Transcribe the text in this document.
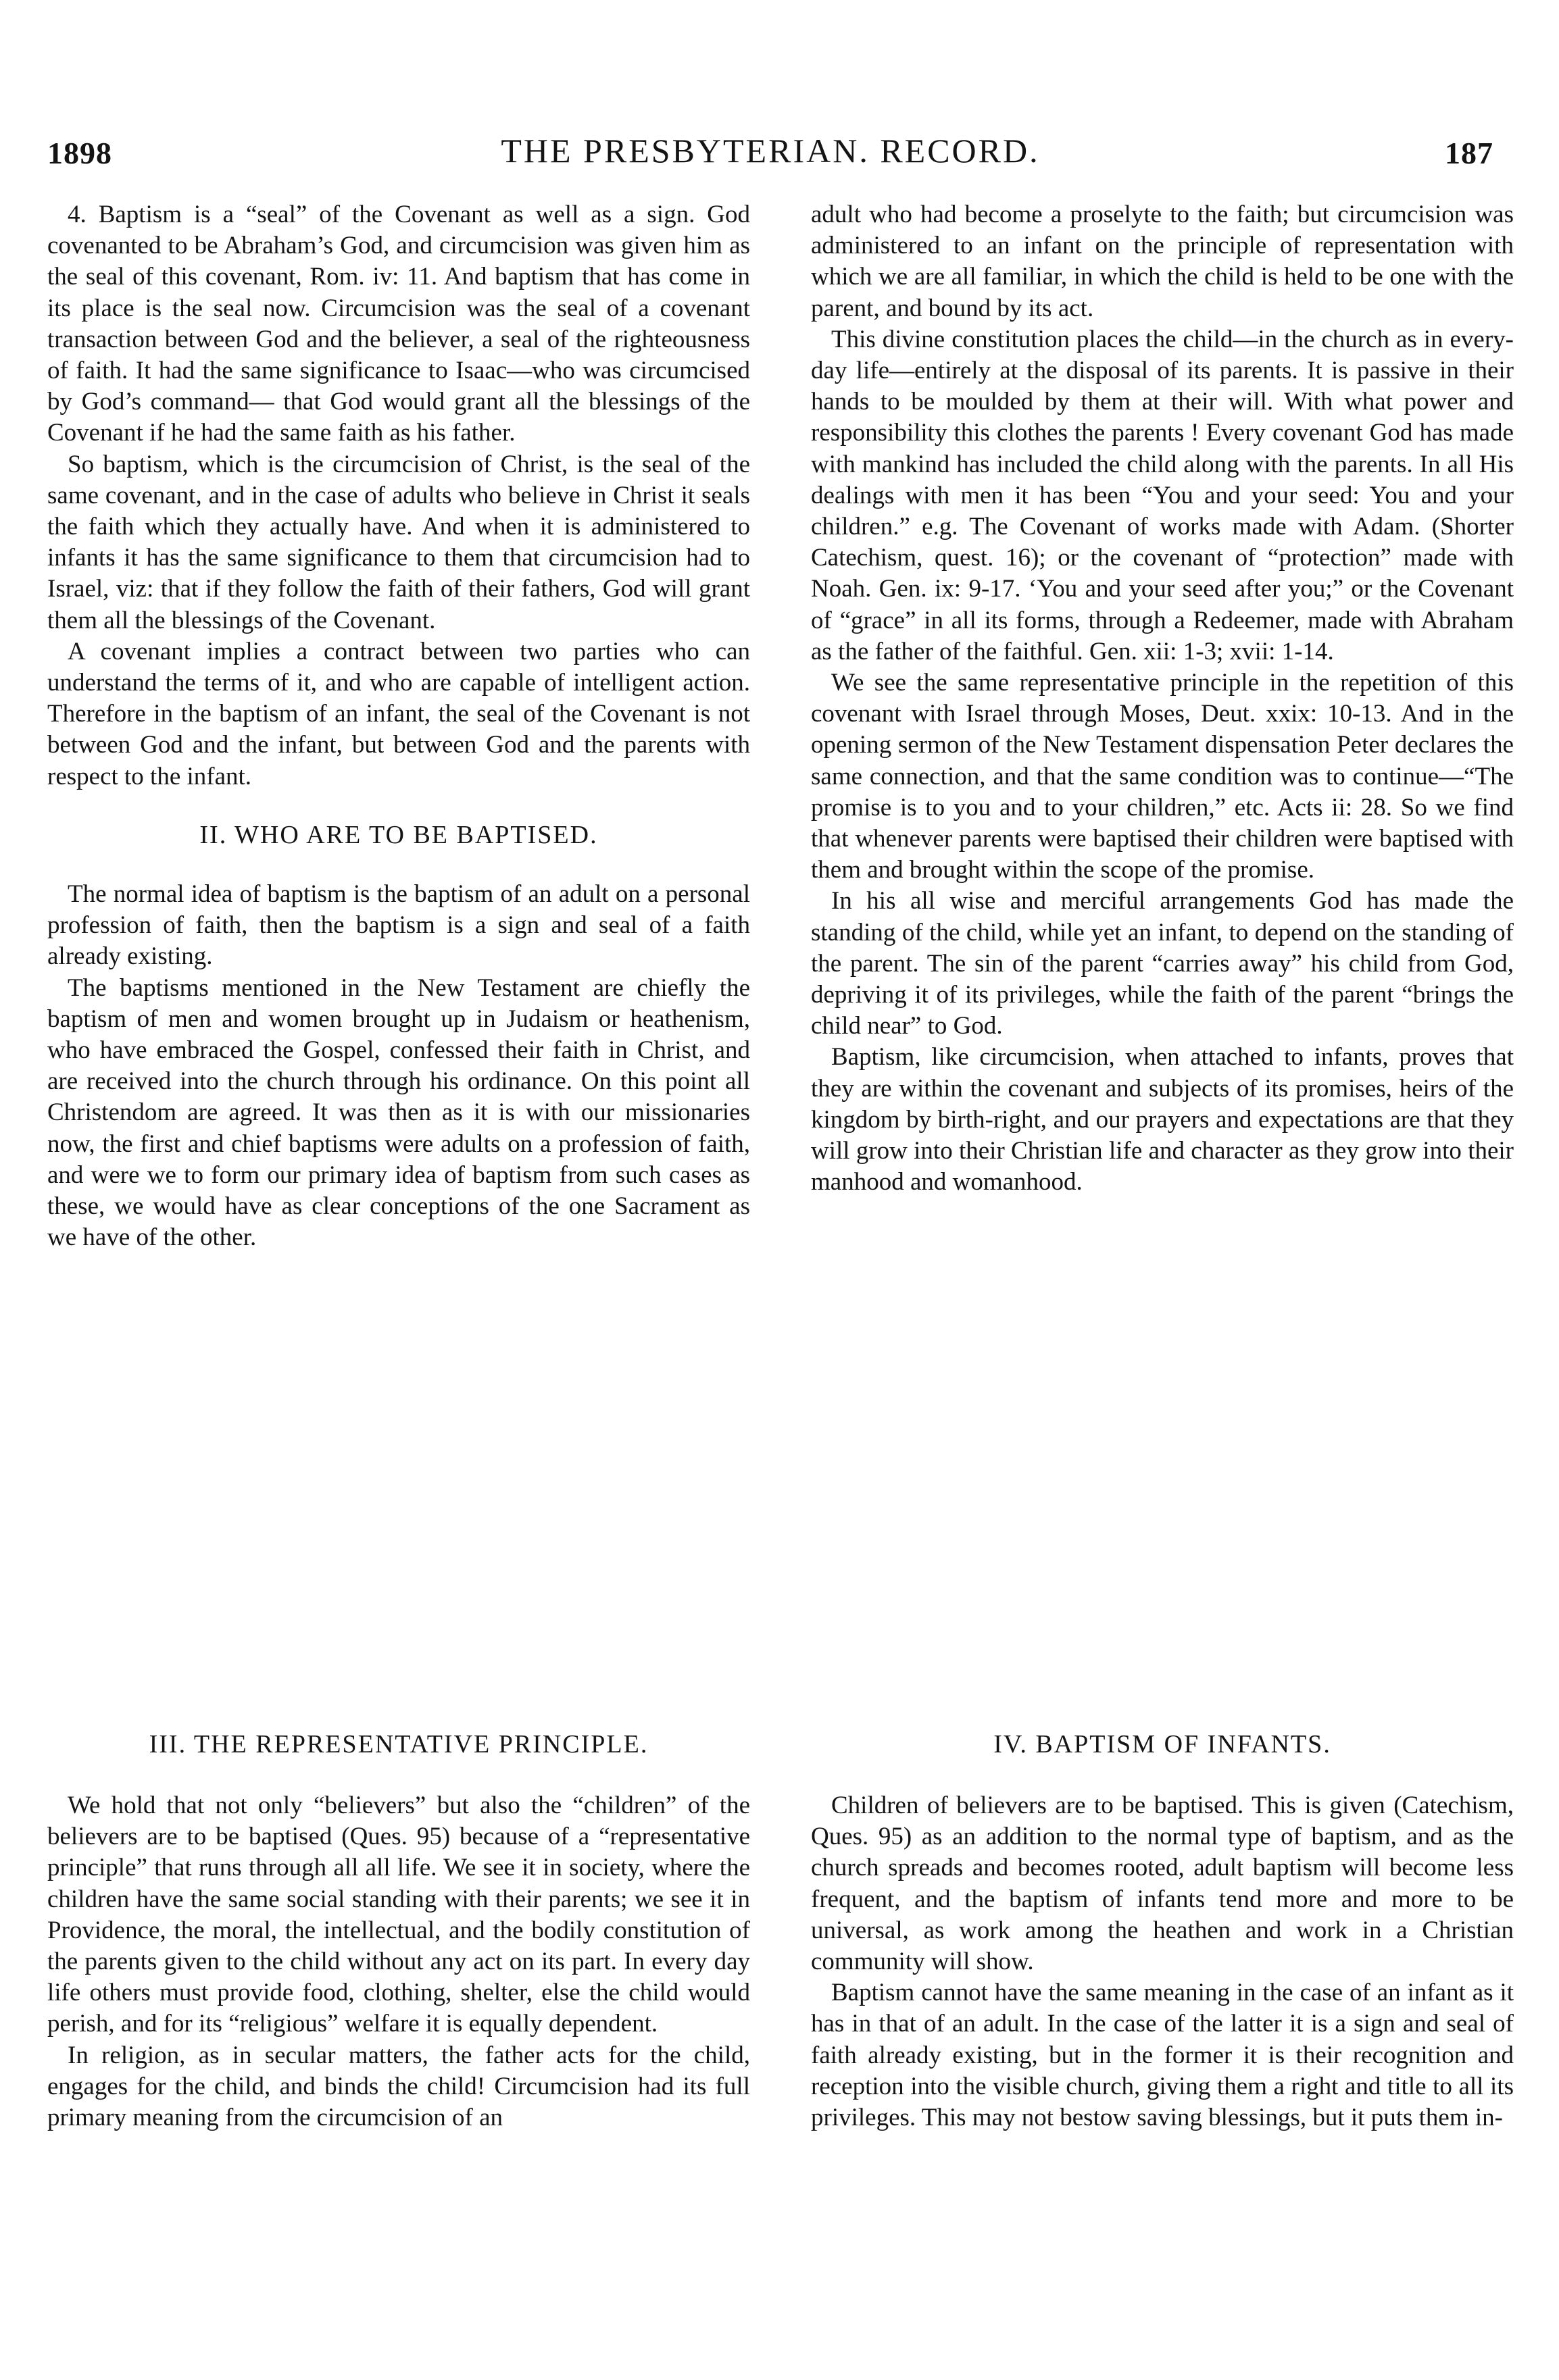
1898	THE PRESBYTERIAN. RECORD.	187

4. Baptism is a “seal” of the Covenant as well as a sign. God covenanted to be Abraham’s God, and circumcision was given him as the seal of this covenant, Rom. iv: 11. And baptism that has come in its place is the seal now. Circumcision was the seal of a covenant transaction between God and the believer, a seal of the righteousness of faith. It had the same significance to Isaac—who was circumcised by God’s command— that God would grant all the blessings of the Covenant if he had the same faith as his father.

So baptism, which is the circumcision of Christ, is the seal of the same covenant, and in the case of adults who believe in Christ it seals the faith which they actually have. And when it is administered to infants it has the same significance to them that circumcision had to Israel, viz: that if they follow the faith of their fathers, God will grant them all the blessings of the Covenant.

A covenant implies a contract between two parties who can understand the terms of it, and who are capable of intelligent action. Therefore in the baptism of an infant, the seal of the Covenant is not between God and the infant, but between God and the parents with respect to the infant.

II. WHO ARE TO BE BAPTISED.

The normal idea of baptism is the baptism of an adult on a personal profession of faith, then the baptism is a sign and seal of a faith already existing.

The baptisms mentioned in the New Testament are chiefly the baptism of men and women brought up in Judaism or heathenism, who have embraced the Gospel, confessed their faith in Christ, and are received into the church through his ordinance. On this point all Christendom are agreed. It was then as it is with our missionaries now, the first and chief baptisms were adults on a profession of faith, and were we to form our primary idea of baptism from such cases as these, we would have as clear conceptions of the one Sacrament as we have of the other.

adult who had become a proselyte to the faith; but circumcision was administered to an infant on the principle of representation with which we are all familiar, in which the child is held to be one with the parent, and bound by its act.

This divine constitution places the child—in the church as in every-day life—entirely at the disposal of its parents. It is passive in their hands to be moulded by them at their will. With what power and responsibility this clothes the parents ! Every covenant God has made with mankind has included the child along with the parents. In all His dealings with men it has been “You and your seed: You and your children.” e.g. The Covenant of works made with Adam. (Shorter Catechism, quest. 16); or the covenant of “protection” made with Noah. Gen. ix: 9-17. ‘You and your seed after you;” or the Covenant of “grace” in all its forms, through a Redeemer, made with Abraham as the father of the faithful. Gen. xii: 1-3; xvii: 1-14.

We see the same representative principle in the repetition of this covenant with Israel through Moses, Deut. xxix: 10-13. And in the opening sermon of the New Testament dispensation Peter declares the same connection, and that the same condition was to continue—“The promise is to you and to your children,” etc. Acts ii: 28. So we find that whenever parents were baptised their children were baptised with them and brought within the scope of the promise.

In his all wise and merciful arrangements God has made the standing of the child, while yet an infant, to depend on the standing of the parent. The sin of the parent “carries away” his child from God, depriving it of its privileges, while the faith of the parent “brings the child near” to God.

Baptism, like circumcision, when attached to infants, proves that they are within the covenant and subjects of its promises, heirs of the kingdom by birth-right, and our prayers and expectations are that they will grow into their Christian life and character as they grow into their manhood and womanhood.

III. THE REPRESENTATIVE PRINCIPLE.	IV. BAPTISM OF INFANTS.

We hold that not only “believers” but also the “children” of the believers are to be baptised (Ques. 95) because of a “representative principle” that runs through all all life. We see it in society, where the children have the same social standing with their parents; we see it in Providence, the moral, the intellectual, and the bodily constitution of the parents given to the child without any act on its part. In every day life others must provide food, clothing, shelter, else the child would perish, and for its “religious” welfare it is equally dependent.

In religion, as in secular matters, the father acts for the child, engages for the child, and binds the child! Circumcision had its full primary meaning from the circumcision of an

Children of believers are to be baptised. This is given (Catechism, Ques. 95) as an addition to the normal type of baptism, and as the church spreads and becomes rooted, adult baptism will become less frequent, and the baptism of infants tend more and more to be universal, as work among the heathen and work in a Christian community will show.

Baptism cannot have the same meaning in the case of an infant as it has in that of an adult. In the case of the latter it is a sign and seal of faith already existing, but in the former it is their recognition and reception into the visible church, giving them a right and title to all its privileges. This may not bestow saving blessings, but it puts them in-
